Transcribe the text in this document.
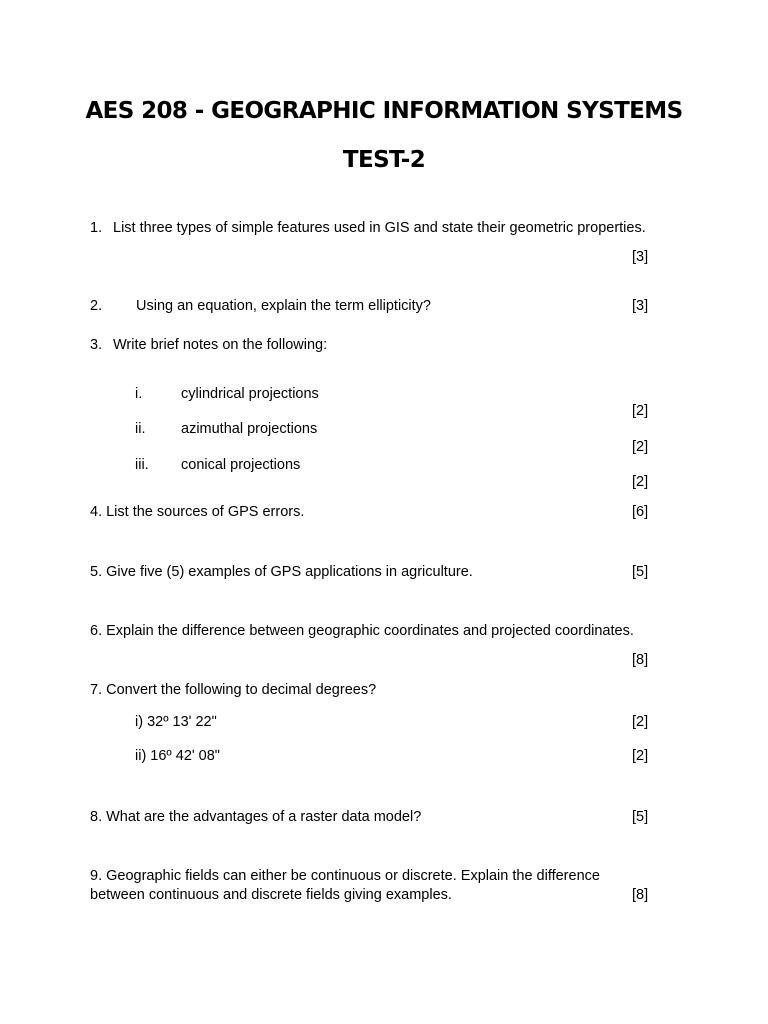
AES 208 - GEOGRAPHIC INFORMATION SYSTEMS
TEST-2
1. List three types of simple features used in GIS and state their geometric properties.
[3]
2. Using an equation, explain the term ellipticity?	[3]
3. Write brief notes on the following:
i.	cylindrical projections
[2]
ii. azimuthal projections
[2]
iii. conical projections
[2]
4. List the sources of GPS errors.	[6]
5. Give five (5) examples of GPS applications in agriculture.	[5]
6. Explain the difference between geographic coordinates and projected coordinates.
[8]
7. Convert the following to decimal degrees?
i) 32º 13ʹ 22ʺ	[2]
ii) 16º 42ʹ 08ʺ	[2]
8. What are the advantages of a raster data model?	[5]
9. Geographic fields can either be continuous or discrete. Explain the difference
between continuous and discrete fields giving examples.	[8]
